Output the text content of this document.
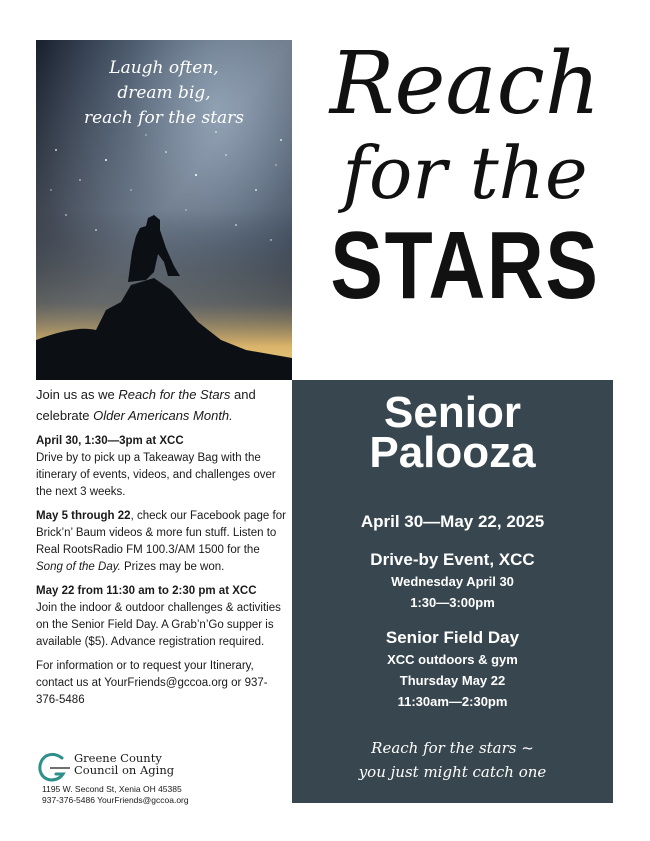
Laugh often,
dream big,
reach for the stars Reach
for the
STARS

Join us as we Reach for the Stars and celebrate Older Americans Month.

April 30, 1:30—3pm at XCC
Drive by to pick up a Takeaway Bag with the itinerary of events, videos, and challenges over the next 3 weeks.

May 5 through 22, check our Facebook page for Brick’n’ Baum videos & more fun stuff. Listen to Real RootsRadio FM 100.3/AM 1500 for the Song of the Day. Prizes may be won.

May 22 from 11:30 am to 2:30 pm at XCC
Join the indoor & outdoor challenges & activities on the Senior Field Day. A Grab’n’Go supper is available ($5). Advance registration required.

For information or to request your Itinerary, contact us at YourFriends@gccoa.org or 937-376-5486

Greene County
Council on Aging
1195 W. Second St, Xenia OH 45385
937-376-5486 YourFriends@gccoa.org
Senior
Palooza
April 30—May 22, 2025
Drive-by Event, XCC
Wednesday April 30
1:30—3:00pm
Senior Field Day
XCC outdoors & gym
Thursday May 22
11:30am—2:30pm
Reach for the stars ~
you just might catch one
